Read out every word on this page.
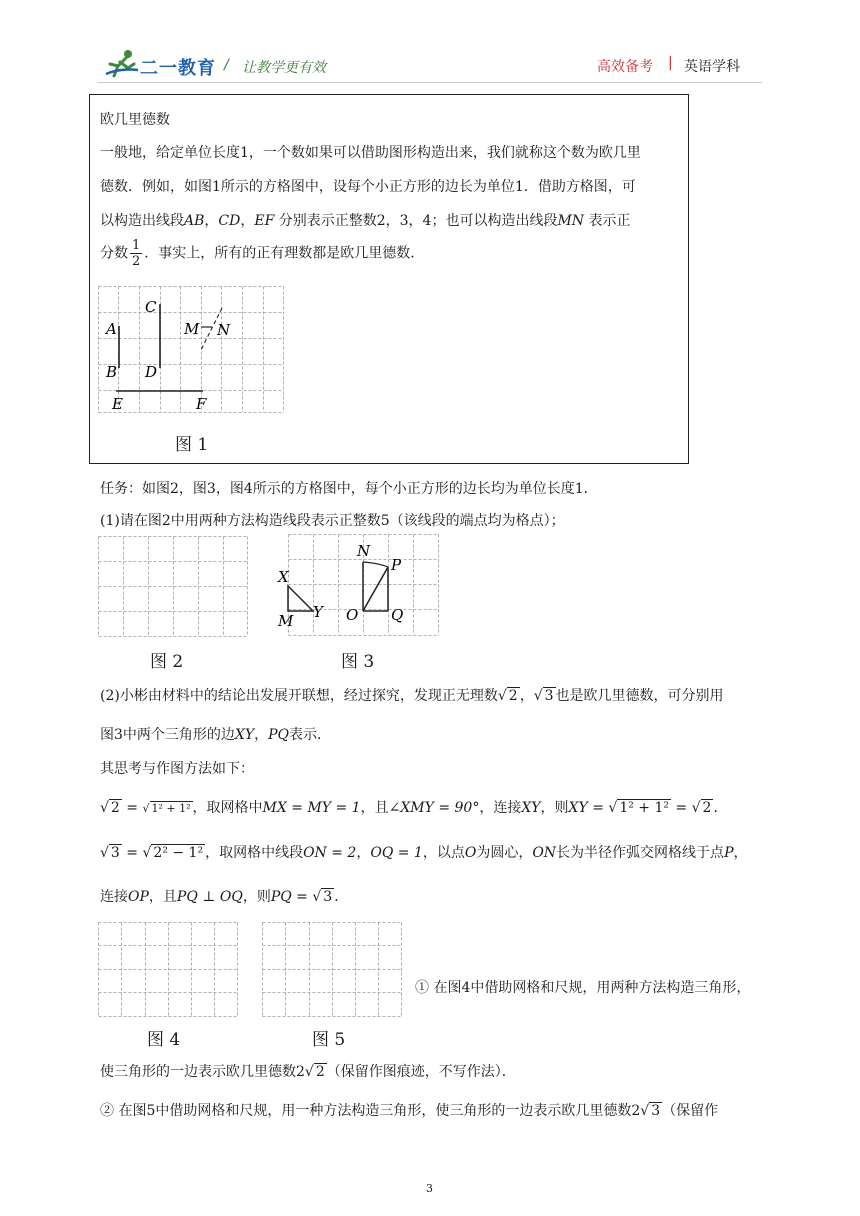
二一教育 / 让教学更有效	高效备考 | 英语学科
欧几里德数
一般地，给定单位长度1，一个数如果可以借助图形构造出来，我们就称这个数为欧几里
德数．例如，如图1所示的方格图中，设每个小正方形的边长为单位1．借助方格图，可
以构造出线段AB，CD，EF 分别表示正整数2，3，4；也可以构造出线段MN 表示正
分数 $\frac{1}{2}$ ．事实上，所有的正有理数都是欧几里德数．
A
B
C
D
E	F
M N
图 1
任务：如图2，图3，图4所示的方格图中，每个小正方形的边长均为单位长度1．
(1)请在图2中用两种方法构造线段表示正整数5（该线段的端点均为格点）；
图 2
X
M Y
N
P
O Q
图 3
(2)小彬由材料中的结论出发展开联想，经过探究，发现正无理数√ 2 ，√ 3 也是欧几里德数，可分别用
图3中两个三角形的边XY，PQ表示．
其思考与作图方法如下：
√ 2 = √ 1² + 1² ，取网格中MX = MY = 1，且∠XMY = 90°，连接XY，则XY = √ 1² + 1² = √ 2 ．
√ 3 = √ 2² − 1² ，取网格中线段ON = 2，OQ = 1，以点O为圆心，ON长为半径作弧交网格线于点P，
连接OP，且PQ ⊥ OQ，则PQ = √ 3 ．
图 4	图 5
① 在图4中借助网格和尺规，用两种方法构造三角形，
使三角形的一边表示欧几里德数2√ 2 （保留作图痕迹，不写作法）．
② 在图5中借助网格和尺规，用一种方法构造三角形，使三角形的一边表示欧几里德数2√ 3 （保留作
3
